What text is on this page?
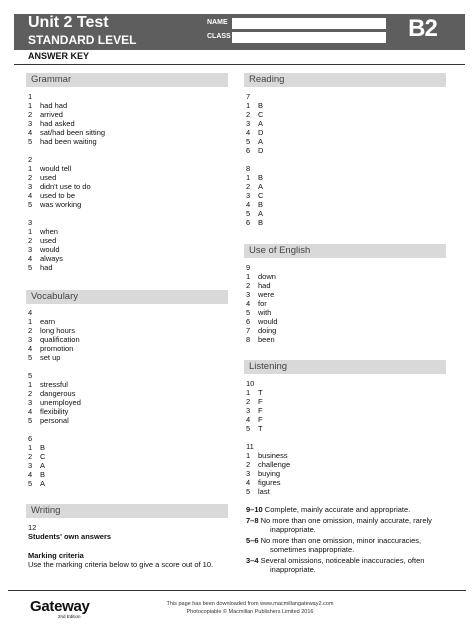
Unit 2 Test
STANDARD LEVEL
NAME
CLASS	B2
ANSWER KEY
Grammar
1
1 had had
2 arrived
3 had asked
4 sat/had been sitting
5 had been waiting
2
1 would tell
2 used
3 didn't use to do
4 used to be
5 was working
3
1 when
2 used
3 would
4 always
5 had
Vocabulary
4
1 earn
2 long hours
3 qualification
4 promotion
5 set up
5
1 stressful
2 dangerous
3 unemployed
4 flexibility
5 personal
6
1 B
2 C
3 A
4 B
5 A
Writing
12
Students' own answers
Marking criteria
Use the marking criteria below to give a score out of 10.
Reading
7
1 B
2 C
3 A
4 D
5 A
6 D
8
1 B
2 A
3 C
4 B
5 A
6 B
Use of English
9
1 down
2 had
3 were
4 for
5 with
6 would
7 doing
8 been
Listening
10
1 T
2 F
3 F
4 F
5 T
11
1 business
2 challenge
3 buying
4 figures
5 last
9–10 Complete, mainly accurate and appropriate.
7–8 No more than one omission, mainly accurate, rarely
inappropriate.
5–6 No more than one omission, minor inaccuracies,
sometimes inappropriate.
3–4 Several omissions, noticeable inaccuracies, often
inappropriate.
Gateway
2nd Edition
This page has been downloaded from www.macmillangateway2.com
Photocopiable © Macmillan Publishers Limited 2016
